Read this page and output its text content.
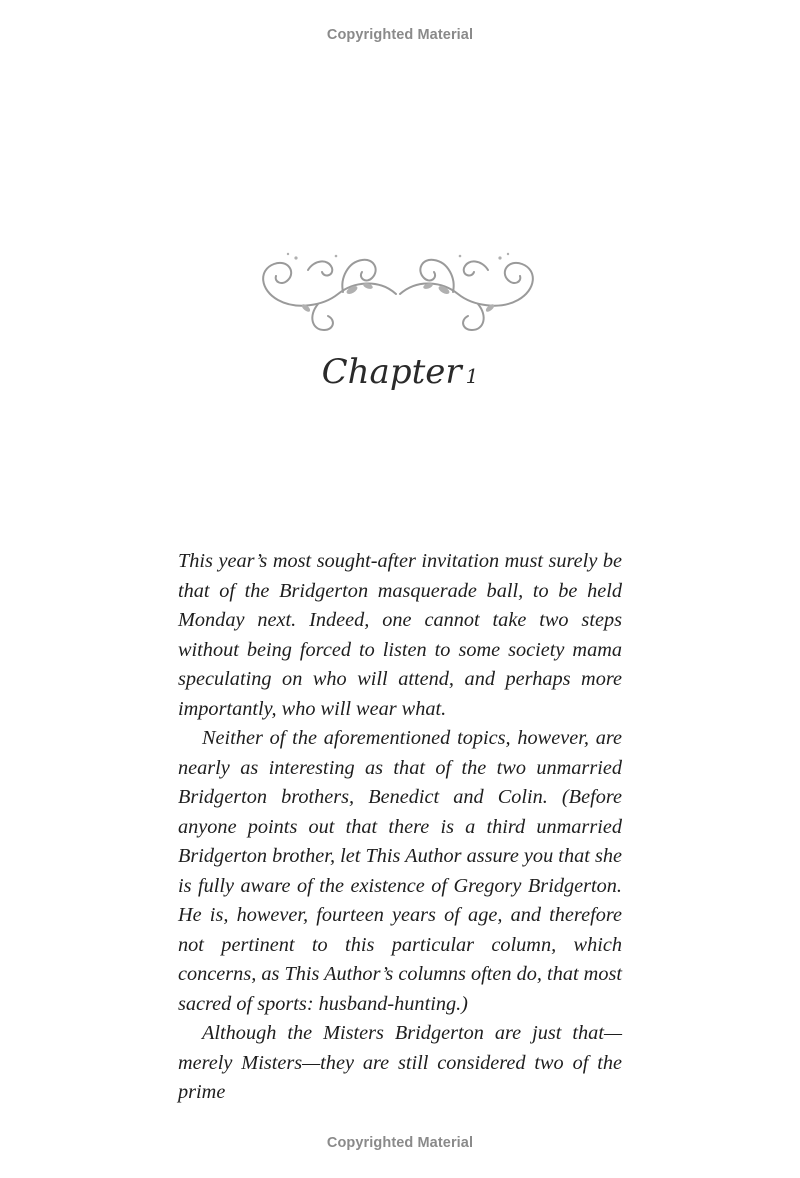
Copyrighted Material
Chapter 1

This year’s most sought-after invitation must surely be that of the Bridgerton masquerade ball, to be held Monday next. Indeed, one cannot take two steps without being forced to listen to some society mama speculating on who will attend, and perhaps more importantly, who will wear what.

Neither of the aforementioned topics, however, are nearly as interesting as that of the two unmarried Bridgerton brothers, Benedict and Colin. (Before anyone points out that there is a third unmarried Bridgerton brother, let This Author assure you that she is fully aware of the existence of Gregory Bridgerton. He is, however, fourteen years of age, and therefore not pertinent to this particular column, which concerns, as This Author’s columns often do, that most sacred of sports: husband-hunting.)

Although the Misters Bridgerton are just that—merely Misters—they are still considered two of the prime

Copyrighted Material
